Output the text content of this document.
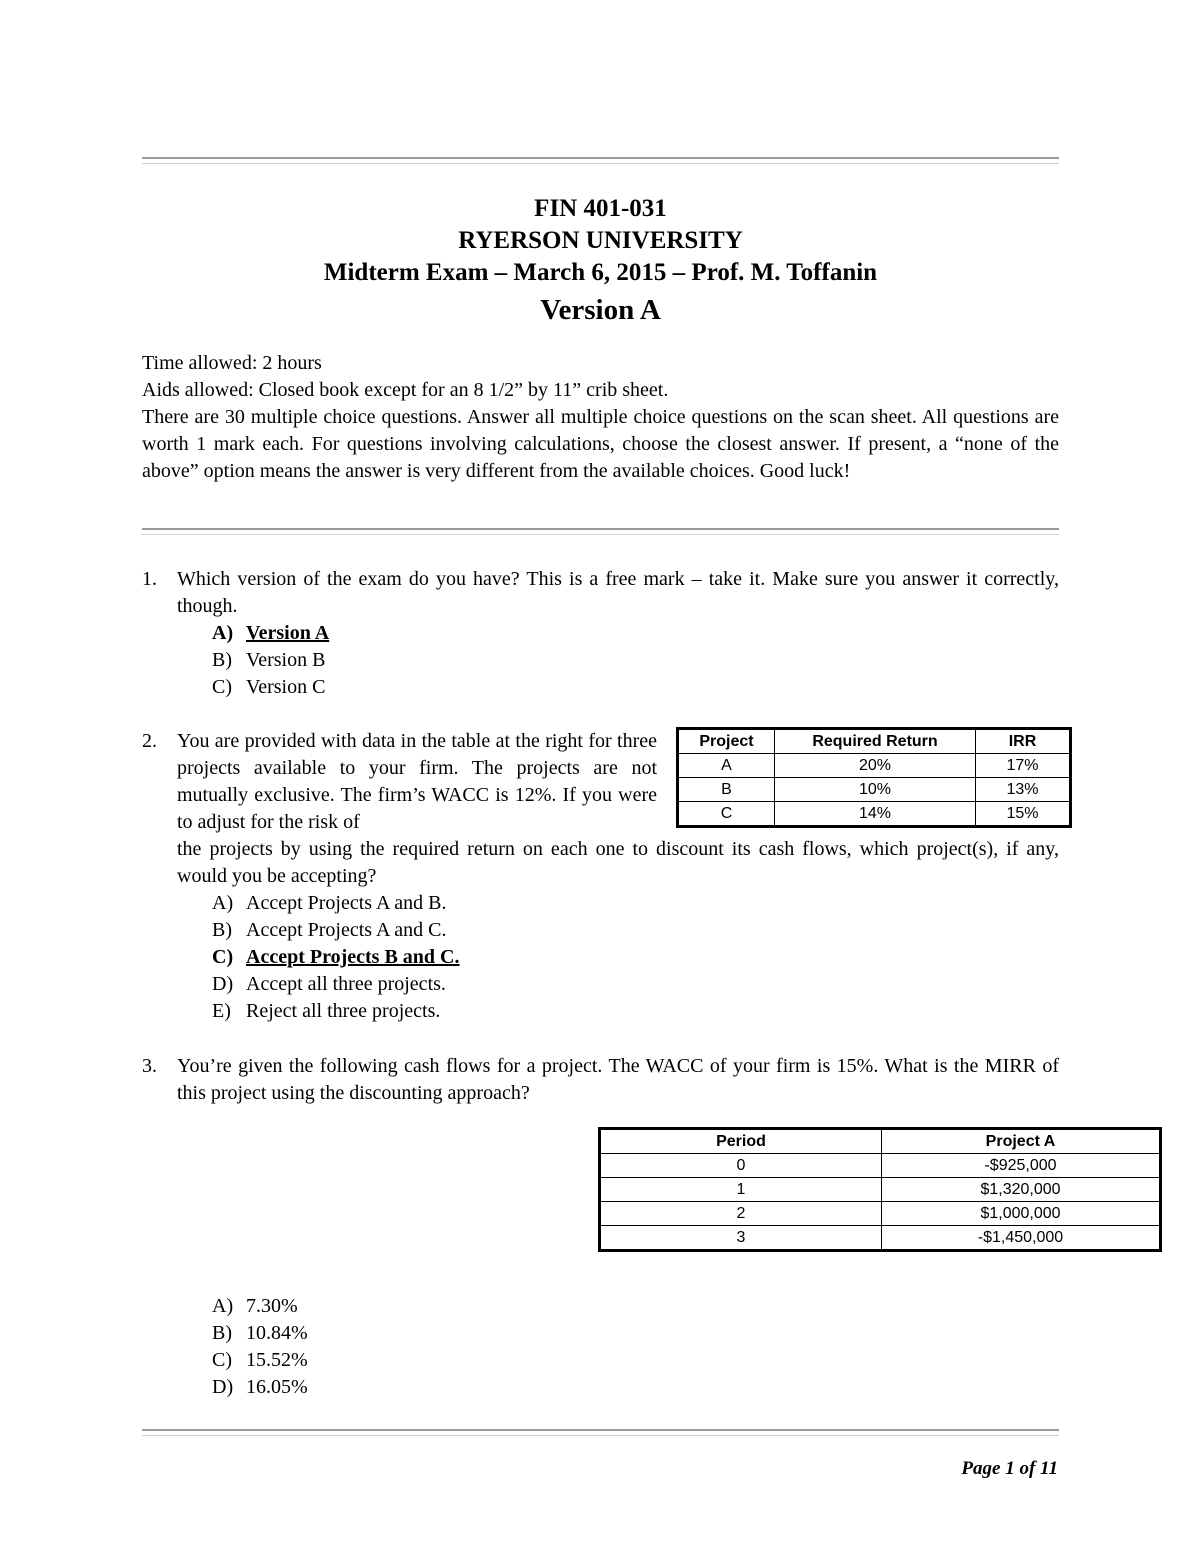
FIN 401-031
RYERSON UNIVERSITY
Midterm Exam – March 6, 2015 – Prof. M. Toffanin
Version A

Time allowed: 2 hours

Aids allowed: Closed book except for an 8 1/2” by 11” crib sheet.

There are 30 multiple choice questions. Answer all multiple choice questions on the scan sheet. All questions are worth 1 mark each. For questions involving calculations, choose the closest answer. If present, a “none of the above” option means the answer is very different from the available choices. Good luck!

1. Which version of the exam do you have? This is a free mark – take it. Make sure you answer it correctly, though.
A) Version A
B) Version B
C) Version C
2. You are provided with data in the table at the right for three projects available to your firm. The projects are not mutually exclusive. The firm’s WACC is 12%. If you were to adjust for the risk of
the projects by using the required return on each one to discount its cash flows, which project(s), if any, would you be accepting?
A) Accept Projects A and B.
B) Accept Projects A and C.
C) Accept Projects B and C.
D) Accept all three projects.
E) Reject all three projects.
Project	Required Return	IRR
A	20%	17%
B	10%	13%
C	14%	15%
3. You’re given the following cash flows for a project. The WACC of your firm is 15%. What is the MIRR of this project using the discounting approach?
Period	Project A
0	-$925,000
1	$1,320,000
2	$1,000,000
3	-$1,450,000
A) 7.30%
B) 10.84%
C) 15.52%
D) 16.05%
Page 1 of 11
